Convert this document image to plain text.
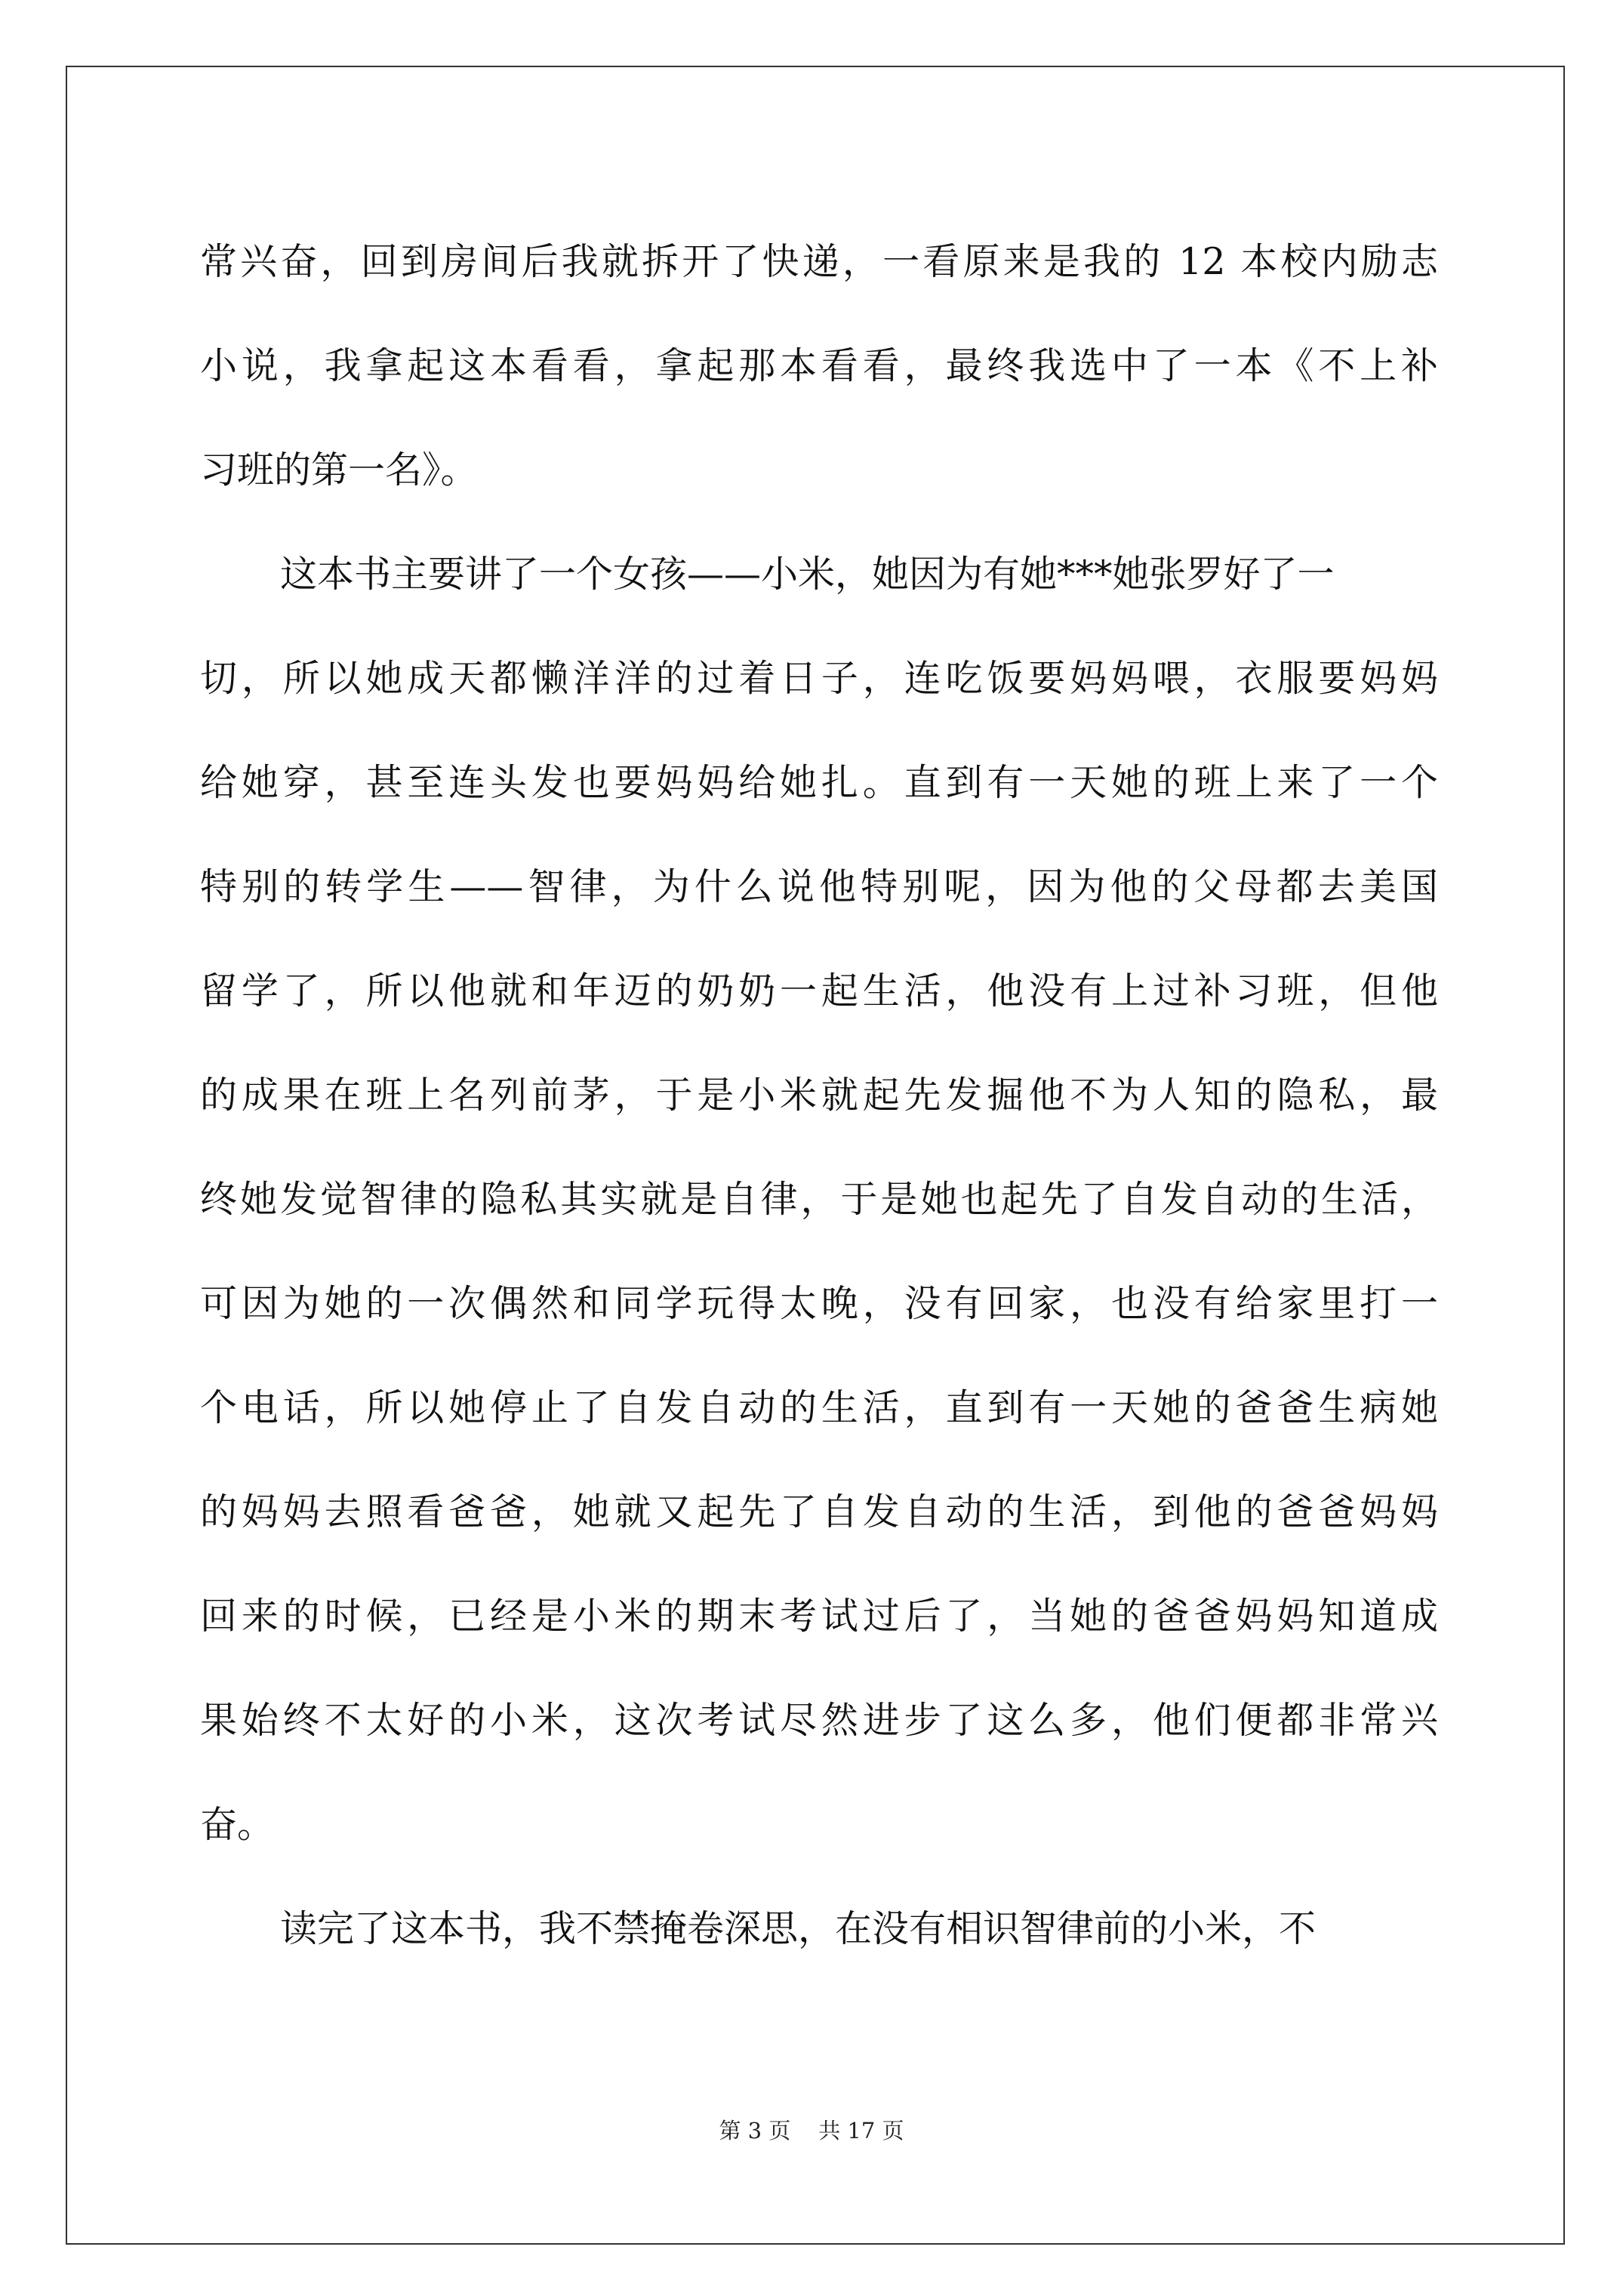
常兴奋，回到房间后我就拆开了快递，一看原来是我的 12 本校内励志
小说，我拿起这本看看，拿起那本看看，最终我选中了一本《不上补
习班的第一名》。
这本书主要讲了一个女孩——小米，她因为有她***她张罗好了一
切，所以她成天都懒洋洋的过着日子，连吃饭要妈妈喂，衣服要妈妈
给她穿，甚至连头发也要妈妈给她扎。直到有一天她的班上来了一个
特别的转学生——智律，为什么说他特别呢，因为他的父母都去美国
留学了，所以他就和年迈的奶奶一起生活，他没有上过补习班，但他
的成果在班上名列前茅，于是小米就起先发掘他不为人知的隐私，最
终她发觉智律的隐私其实就是自律，于是她也起先了自发自动的生活，
可因为她的一次偶然和同学玩得太晚，没有回家，也没有给家里打一
个电话，所以她停止了自发自动的生活，直到有一天她的爸爸生病她
的妈妈去照看爸爸，她就又起先了自发自动的生活，到他的爸爸妈妈
回来的时候，已经是小米的期末考试过后了，当她的爸爸妈妈知道成
果始终不太好的小米，这次考试尽然进步了这么多，他们便都非常兴
奋。
读完了这本书，我不禁掩卷深思，在没有相识智律前的小米，不
第 3 页    共 17 页
